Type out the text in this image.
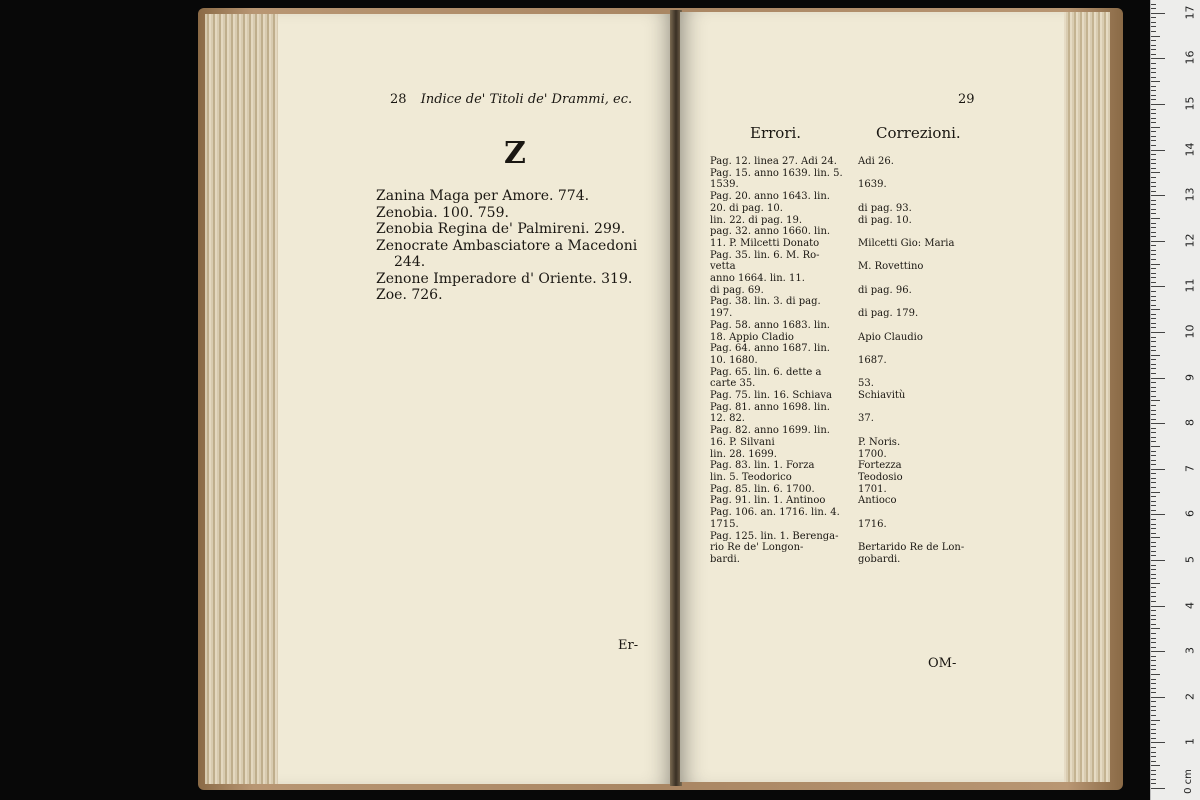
28 Indice de' Titoli de' Drammi, ec.
Z
Zanina Maga per Amore. 774.
Zenobia. 100. 759.
Zenobia Regina de' Palmireni. 299.
Zenocrate Ambasciatore a Macedoni
244.
Zenone Imperadore d' Oriente. 319.
Zoe. 726.
Er-
29
Errori.	Correzioni.
Pag. 12. linea 27. Adi 24.	Adi 26.
Pag. 15. anno 1639. lin. 5.
1539.	1639.
Pag. 20. anno 1643. lin.
20. di pag. 10.	di pag. 93.
lin. 22. di pag. 19.	di pag. 10.
pag. 32. anno 1660. lin.
11. P. Milcetti Donato	Milcetti Gio: Maria
Pag. 35. lin. 6. M. Ro-
vetta	M. Rovettino
anno 1664. lin. 11.
di pag. 69.	di pag. 96.
Pag. 38. lin. 3. di pag.
197.	di pag. 179.
Pag. 58. anno 1683. lin.
18. Appio Cladio	Apio Claudio
Pag. 64. anno 1687. lin.
10. 1680.	1687.
Pag. 65. lin. 6. dette a
carte 35.	53.
Pag. 75. lin. 16. Schiava	Schiavitù
Pag. 81. anno 1698. lin.
12. 82.	37.
Pag. 82. anno 1699. lin.
16. P. Silvani	P. Noris.
lin. 28. 1699.	1700.
Pag. 83. lin. 1. Forza	Fortezza
lin. 5. Teodorico	Teodosio
Pag. 85. lin. 6. 1700.	1701.
Pag. 91. lin. 1. Antinoo	Antioco
Pag. 106. an. 1716. lin. 4.
1715.	1716.
Pag. 125. lin. 1. Berenga-
rio Re de' Longon-	Bertarido Re de Lon-
bardi.	gobardi.
OM-
0 cm
1
2
3
4
5
6
7
8
9
10
11
12
13
14
15
16
17
